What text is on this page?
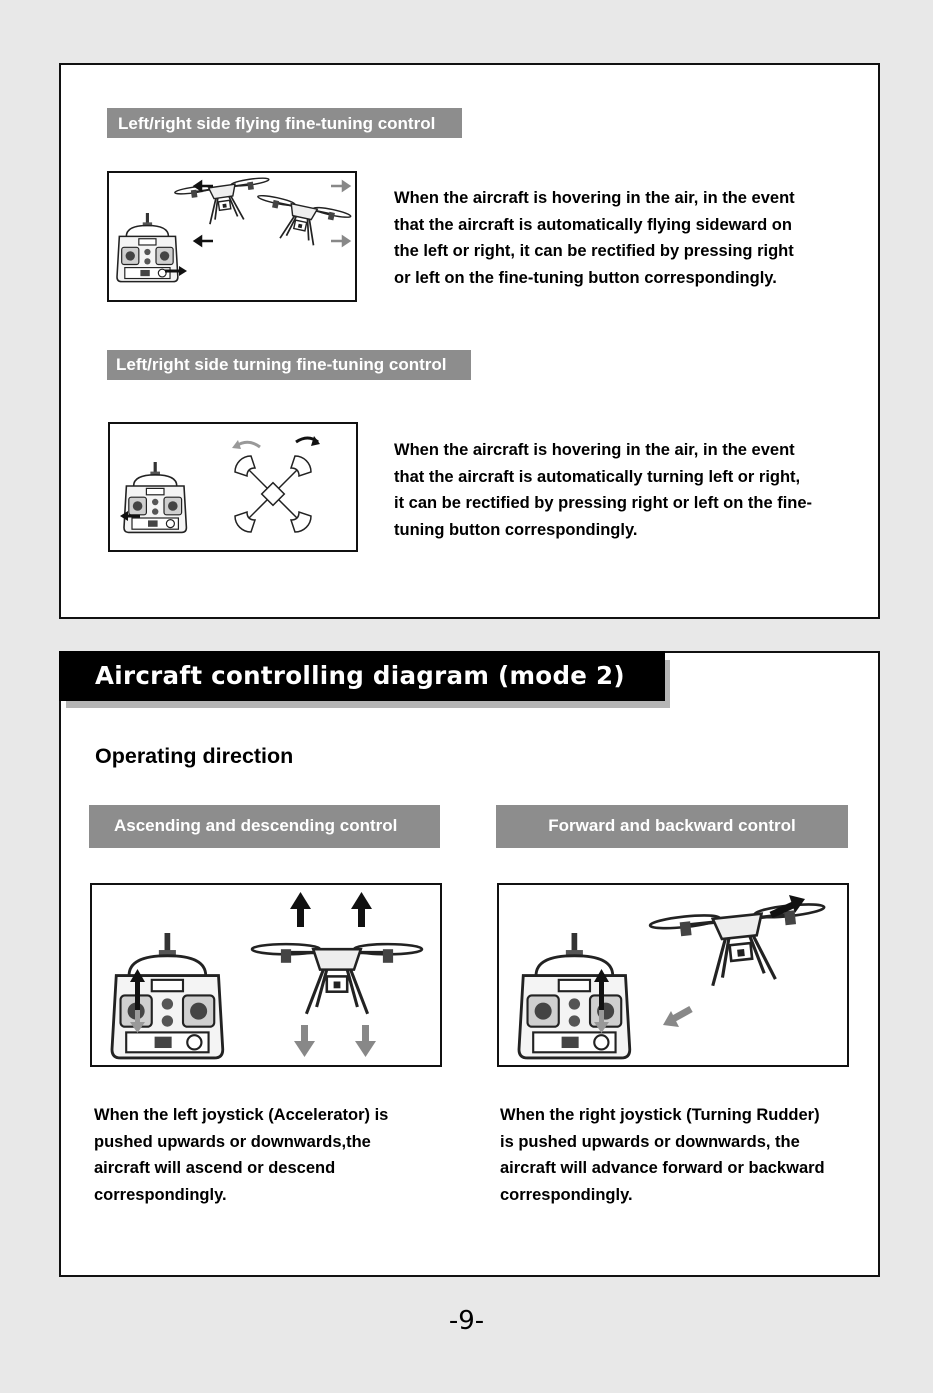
Left/right side flying fine-tuning control
When the aircraft is hovering in the air, in the event
that the aircraft is automatically flying sideward on
the left or right, it can be rectified by pressing right
or left on the fine-tuning button correspondingly.
Left/right side turning fine-tuning control
When the aircraft is hovering in the air, in the event
that the aircraft is automatically turning left or right,
it can be rectified by pressing right or left on the fine-
tuning button correspondingly.
Aircraft controlling diagram (mode 2)
Operating direction
Ascending and descending control	Forward and backward control
When the left joystick (Accelerator) is
pushed upwards or downwards,the
aircraft will ascend or descend
correspondingly.
When the right joystick (Turning Rudder)
is pushed upwards or downwards, the
aircraft will advance forward or backward
correspondingly.
-9-
